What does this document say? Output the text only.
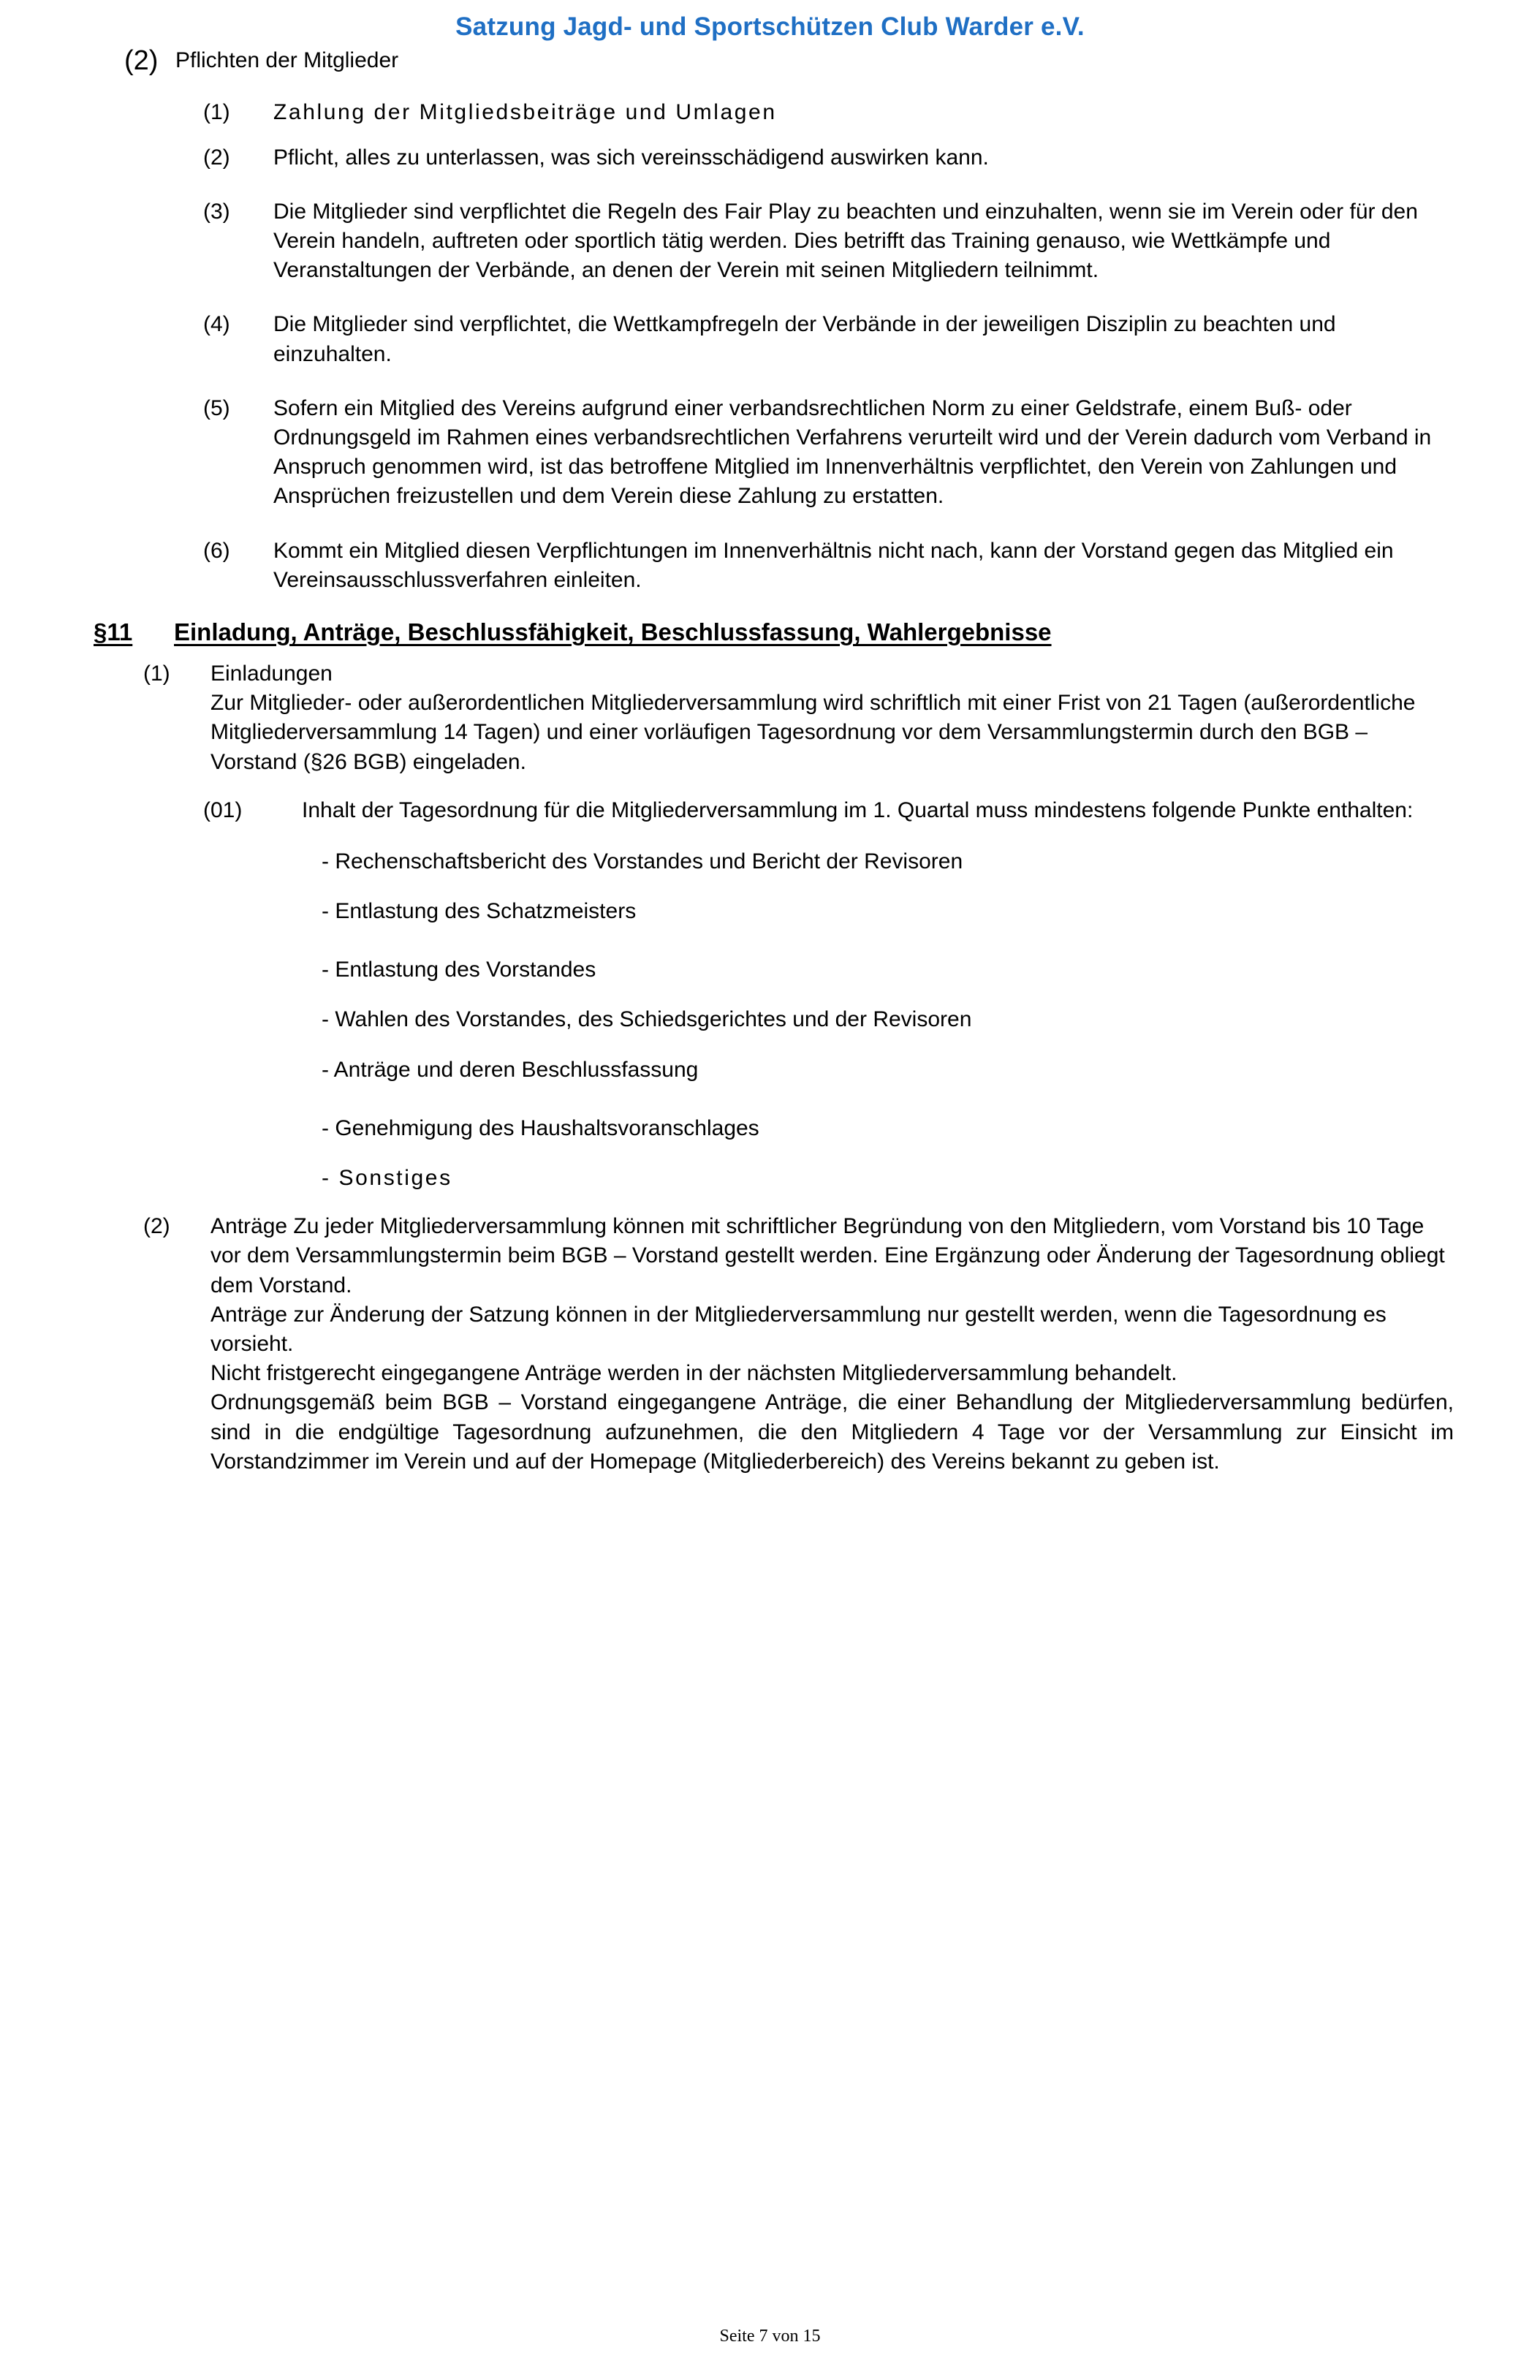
Satzung Jagd- und Sportschützen Club Warder e.V.
(2) Pflichten der Mitglieder
(1)	Zahlung der Mitgliedsbeiträge und Umlagen
(2)	Pflicht, alles zu unterlassen, was sich vereinsschädigend auswirken kann.
(3)	Die Mitglieder sind verpflichtet die Regeln des Fair Play zu beachten und einzuhalten, wenn sie im Verein oder für den Verein handeln, auftreten oder sportlich tätig werden. Dies betrifft das Training genauso, wie Wettkämpfe und Veranstaltungen der Verbände, an denen der Verein mit seinen Mitgliedern teilnimmt.
(4)	Die Mitglieder sind verpflichtet, die Wettkampfregeln der Verbände in der jeweiligen Disziplin zu beachten und einzuhalten.
(5)	Sofern ein Mitglied des Vereins aufgrund einer verbandsrechtlichen Norm zu einer Geldstrafe, einem Buß- oder Ordnungsgeld im Rahmen eines verbandsrechtlichen Verfahrens verurteilt wird und der Verein dadurch vom Verband in Anspruch genommen wird, ist das betroffene Mitglied im Innenverhältnis verpflichtet, den Verein von Zahlungen und Ansprüchen freizustellen und dem Verein diese Zahlung zu erstatten.
(6)	Kommt ein Mitglied diesen Verpflichtungen im Innenverhältnis nicht nach, kann der Vorstand gegen das Mitglied ein Vereinsausschlussverfahren einleiten.
§11	Einladung, Anträge, Beschlussfähigkeit, Beschlussfassung, Wahlergebnisse
(1)	Einladungen

Zur Mitglieder- oder außerordentlichen Mitgliederversammlung wird schriftlich mit einer Frist von 21 Tagen (außerordentliche Mitgliederversammlung 14 Tagen) und einer vorläufigen Tagesordnung vor dem Versammlungstermin durch den BGB – Vorstand (§26 BGB) eingeladen.

(01)	Inhalt der Tagesordnung für die Mitgliederversammlung im 1. Quartal muss mindestens folgende Punkte enthalten:
- Rechenschaftsbericht des Vorstandes und Bericht der Revisoren
- Entlastung des Schatzmeisters
- Entlastung des Vorstandes
- Wahlen des Vorstandes, des Schiedsgerichtes und der Revisoren
- Anträge und deren Beschlussfassung
- Genehmigung des Haushaltsvoranschlages
- Sonstiges
(2)	Anträge Zu jeder Mitgliederversammlung können mit schriftlicher Begründung von den Mitgliedern, vom Vorstand bis 10 Tage vor dem Versammlungstermin beim BGB – Vorstand gestellt werden. Eine Ergänzung oder Änderung der Tagesordnung obliegt dem Vorstand.

Anträge zur Änderung der Satzung können in der Mitgliederversammlung nur gestellt werden, wenn die Tagesordnung es vorsieht.

Nicht fristgerecht eingegangene Anträge werden in der nächsten Mitgliederversammlung behandelt.

Ordnungsgemäß beim BGB – Vorstand eingegangene Anträge, die einer Behandlung der Mitgliederversammlung bedürfen, sind in die endgültige Tagesordnung aufzunehmen, die den Mitgliedern 4 Tage vor der Versammlung zur Einsicht im Vorstandzimmer im Verein und auf der Homepage (Mitgliederbereich) des Vereins bekannt zu geben ist.

Seite 7 von 15
